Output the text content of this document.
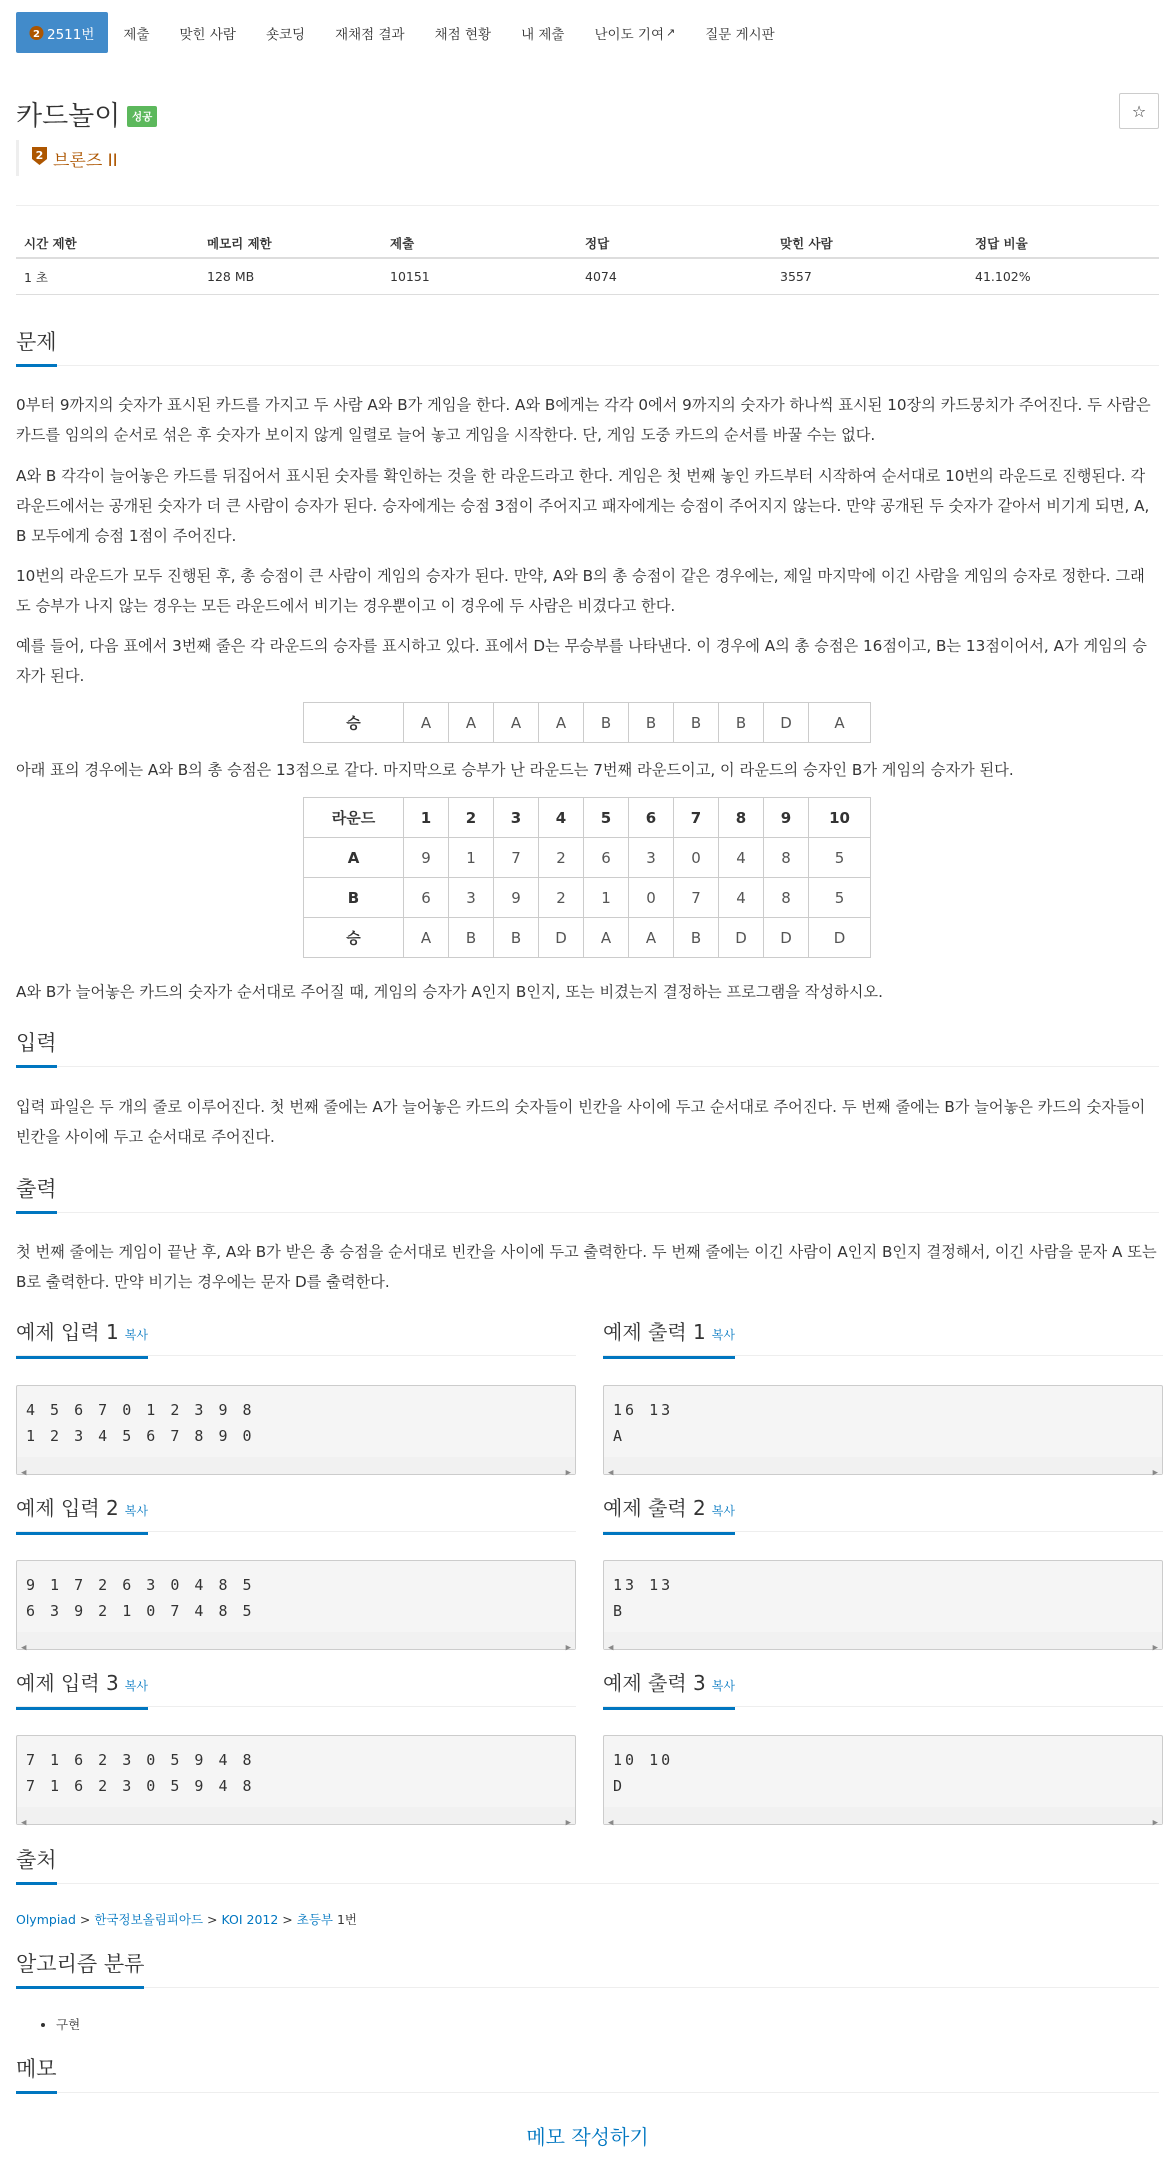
2 2511번 제출 맞힌 사람 숏코딩 재채점 결과 채점 현황 내 제출 난이도 기여 ↗ 질문 게시판
카드놀이	성공	☆
2 브론즈 II
시간 제한	메모리 제한	제출	정답	맞힌 사람	정답 비율
1 초	128 MB	10151	4074	3557	41.102%
문제

0부터 9까지의 숫자가 표시된 카드를 가지고 두 사람 A와 B가 게임을 한다. A와 B에게는 각각 0에서 9까지의 숫자가 하나씩 표시된 10장의 카드뭉치가 주어진다. 두 사람은 카드를 임의의 순서로 섞은 후 숫자가 보이지 않게 일렬로 늘어 놓고 게임을 시작한다. 단, 게임 도중 카드의 순서를 바꿀 수는 없다.

A와 B 각각이 늘어놓은 카드를 뒤집어서 표시된 숫자를 확인하는 것을 한 라운드라고 한다. 게임은 첫 번째 놓인 카드부터 시작하여 순서대로 10번의 라운드로 진행된다. 각 라운드에서는 공개된 숫자가 더 큰 사람이 승자가 된다. 승자에게는 승점 3점이 주어지고 패자에게는 승점이 주어지지 않는다. 만약 공개된 두 숫자가 같아서 비기게 되면, A, B 모두에게 승점 1점이 주어진다.

10번의 라운드가 모두 진행된 후, 총 승점이 큰 사람이 게임의 승자가 된다. 만약, A와 B의 총 승점이 같은 경우에는, 제일 마지막에 이긴 사람을 게임의 승자로 정한다. 그래도 승부가 나지 않는 경우는 모든 라운드에서 비기는 경우뿐이고 이 경우에 두 사람은 비겼다고 한다.

예를 들어, 다음 표에서 3번째 줄은 각 라운드의 승자를 표시하고 있다. 표에서 D는 무승부를 나타낸다. 이 경우에 A의 총 승점은 16점이고, B는 13점이어서, A가 게임의 승자가 된다.

승	A	A	A	A	B	B	B	B	D	A

아래 표의 경우에는 A와 B의 총 승점은 13점으로 같다. 마지막으로 승부가 난 라운드는 7번째 라운드이고, 이 라운드의 승자인 B가 게임의 승자가 된다.

라운드	1	2	3	4	5	6	7	8	9	10
A	9	1	7	2	6	3	0	4	8	5
B	6	3	9	2	1	0	7	4	8	5
승	A	B	B	D	A	A	B	D	D	D

A와 B가 늘어놓은 카드의 숫자가 순서대로 주어질 때, 게임의 승자가 A인지 B인지, 또는 비겼는지 결정하는 프로그램을 작성하시오.

입력

입력 파일은 두 개의 줄로 이루어진다. 첫 번째 줄에는 A가 늘어놓은 카드의 숫자들이 빈칸을 사이에 두고 순서대로 주어진다. 두 번째 줄에는 B가 늘어놓은 카드의 숫자들이 빈칸을 사이에 두고 순서대로 주어진다.

출력

첫 번째 줄에는 게임이 끝난 후, A와 B가 받은 총 승점을 순서대로 빈칸을 사이에 두고 출력한다. 두 번째 줄에는 이긴 사람이 A인지 B인지 결정해서, 이긴 사람을 문자 A 또는 B로 출력한다. 만약 비기는 경우에는 문자 D를 출력한다.

예제 입력 1 복사	예제 출력 1 복사
4 5 6 7 0 1 2 3 9 8
1 2 3 4 5 6 7 8 9 0
◀	▶
16 13
A
◀	▶
예제 입력 2 복사	예제 출력 2 복사
9 1 7 2 6 3 0 4 8 5
6 3 9 2 1 0 7 4 8 5
◀	▶
13 13
B
◀	▶
예제 입력 3 복사	예제 출력 3 복사
7 1 6 2 3 0 5 9 4 8
7 1 6 2 3 0 5 9 4 8
◀	▶
10 10
D
◀	▶
출처
Olympiad > 한국정보올림피아드 > KOI 2012 > 초등부 1번
알고리즘 분류
• 구현
메모
메모 작성하기
